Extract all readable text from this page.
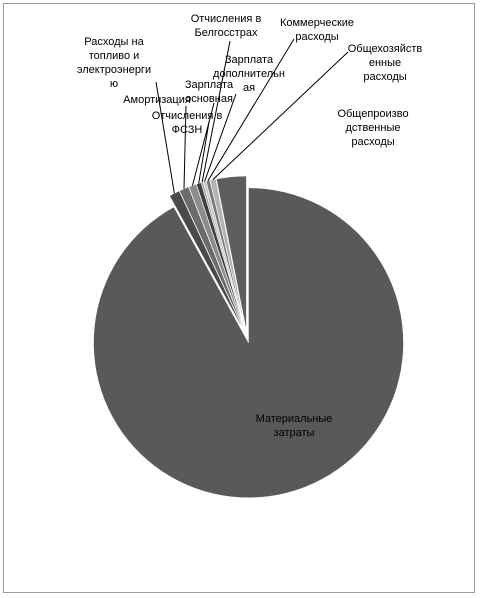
Материальные затраты
Расходы на топливо и электроэнерги ю
Амортизация
Зарплата основная
Отчисления в ФСЗН
Отчисления в Белгосстрах
Зарплата дополнительн ая
Коммерческие расходы
Общехозяйств енные расходы
Общепроизво дственные расходы
